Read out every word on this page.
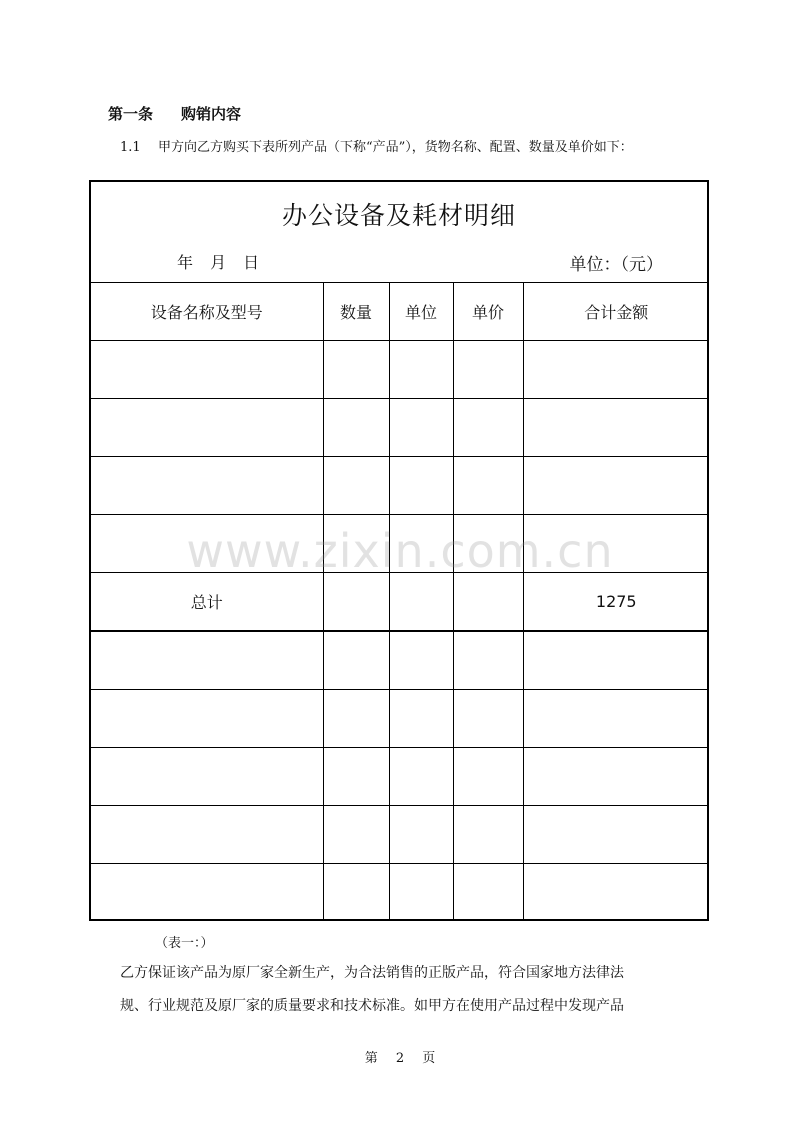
第一条 购销内容
1.1 甲方向乙方购买下表所列产品（下称“产品”），货物名称、配置、数量及单价如下：
办公设备及耗材明细
年 月 日	单位：（元）
设备名称及型号	数量	单位	单价	合计金额

总计				1275

www.zixin.com.cn
（表一：）
乙方保证该产品为原厂家全新生产，为合法销售的正版产品，符合国家地方法律法
规、行业规范及原厂家的质量要求和技术标准。如甲方在使用产品过程中发现产品
第 2 页
